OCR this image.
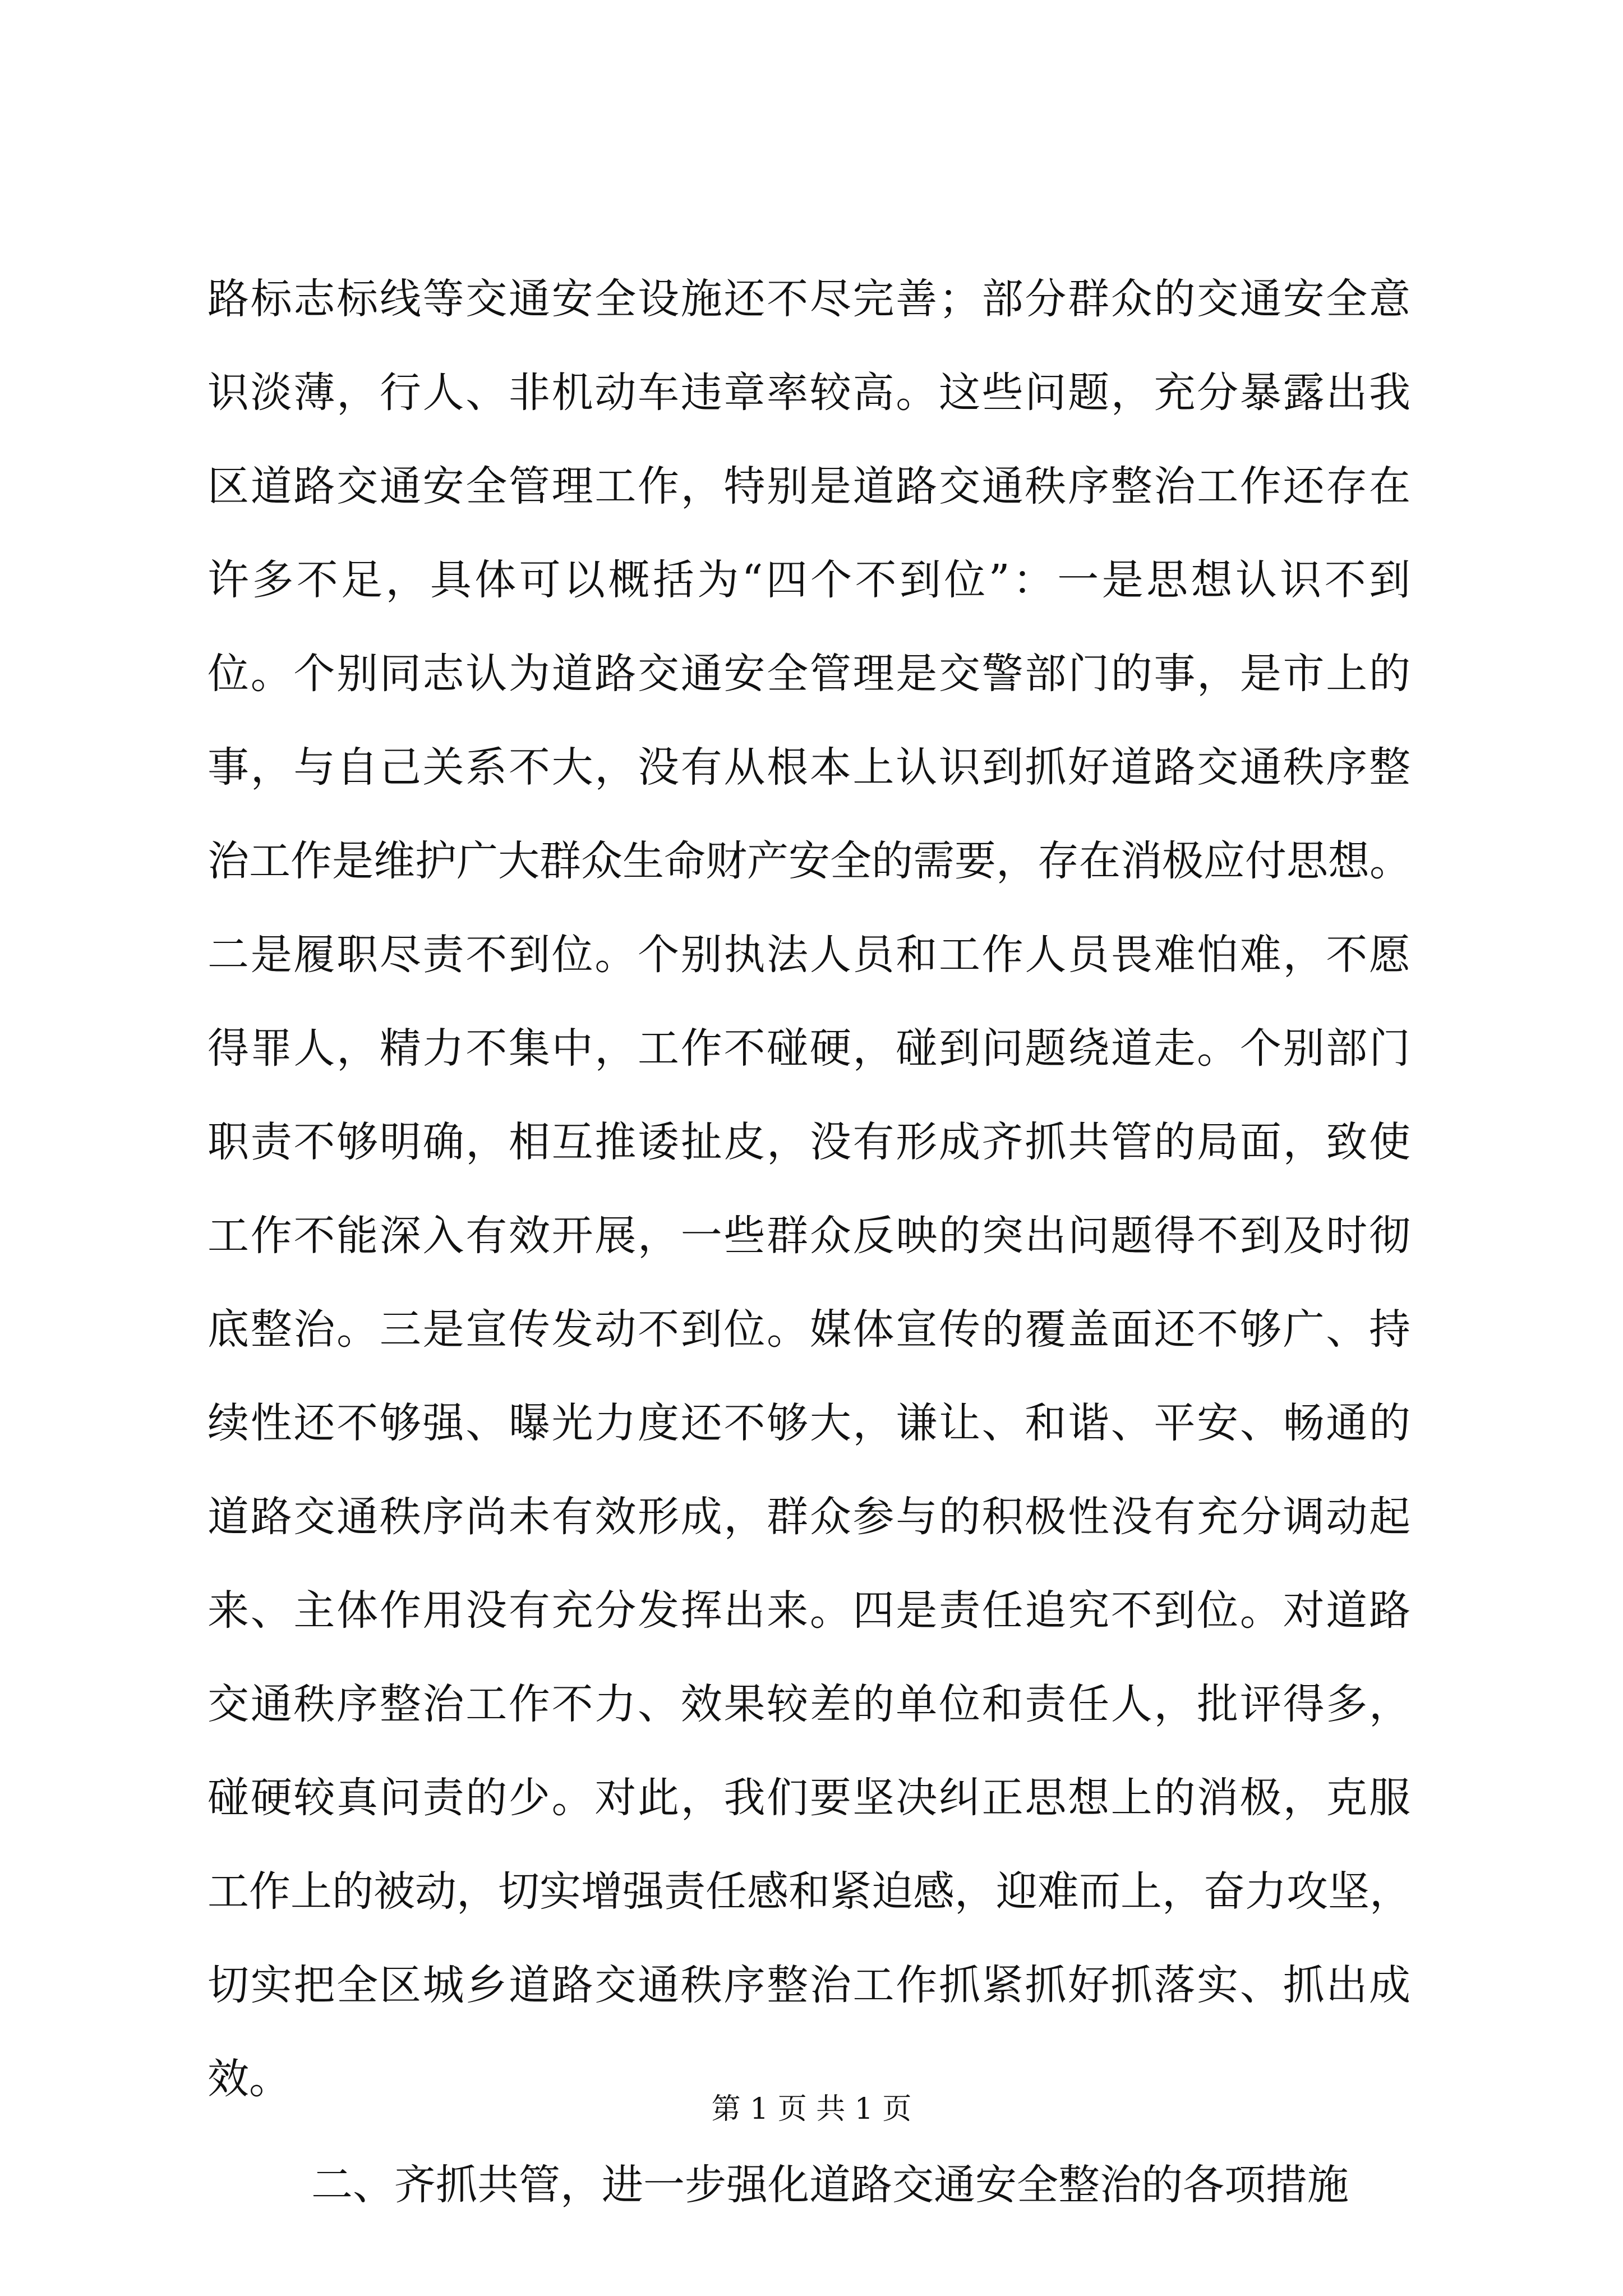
路标志标线等交通安全设施还不尽完善；部分群众的交通安全意
识淡薄，行人、非机动车违章率较高。这些问题，充分暴露出我
区道路交通安全管理工作，特别是道路交通秩序整治工作还存在
许多不足，具体可以概括为“四个不到位”：一是思想认识不到
位。个别同志认为道路交通安全管理是交警部门的事，是市上的
事，与自己关系不大，没有从根本上认识到抓好道路交通秩序整
治工作是维护广大群众生命财产安全的需要，存在消极应付思想。
二是履职尽责不到位。个别执法人员和工作人员畏难怕难，不愿
得罪人，精力不集中，工作不碰硬，碰到问题绕道走。个别部门
职责不够明确，相互推诿扯皮，没有形成齐抓共管的局面，致使
工作不能深入有效开展，一些群众反映的突出问题得不到及时彻
底整治。三是宣传发动不到位。媒体宣传的覆盖面还不够广、持
续性还不够强、曝光力度还不够大，谦让、和谐、平安、畅通的
道路交通秩序尚未有效形成，群众参与的积极性没有充分调动起
来、主体作用没有充分发挥出来。四是责任追究不到位。对道路
交通秩序整治工作不力、效果较差的单位和责任人，批评得多，
碰硬较真问责的少。对此，我们要坚决纠正思想上的消极，克服
工作上的被动，切实增强责任感和紧迫感，迎难而上，奋力攻坚，
切实把全区城乡道路交通秩序整治工作抓紧抓好抓落实、抓出成
效。
二、齐抓共管，进一步强化道路交通安全整治的各项措施
第 1 页 共 1 页
